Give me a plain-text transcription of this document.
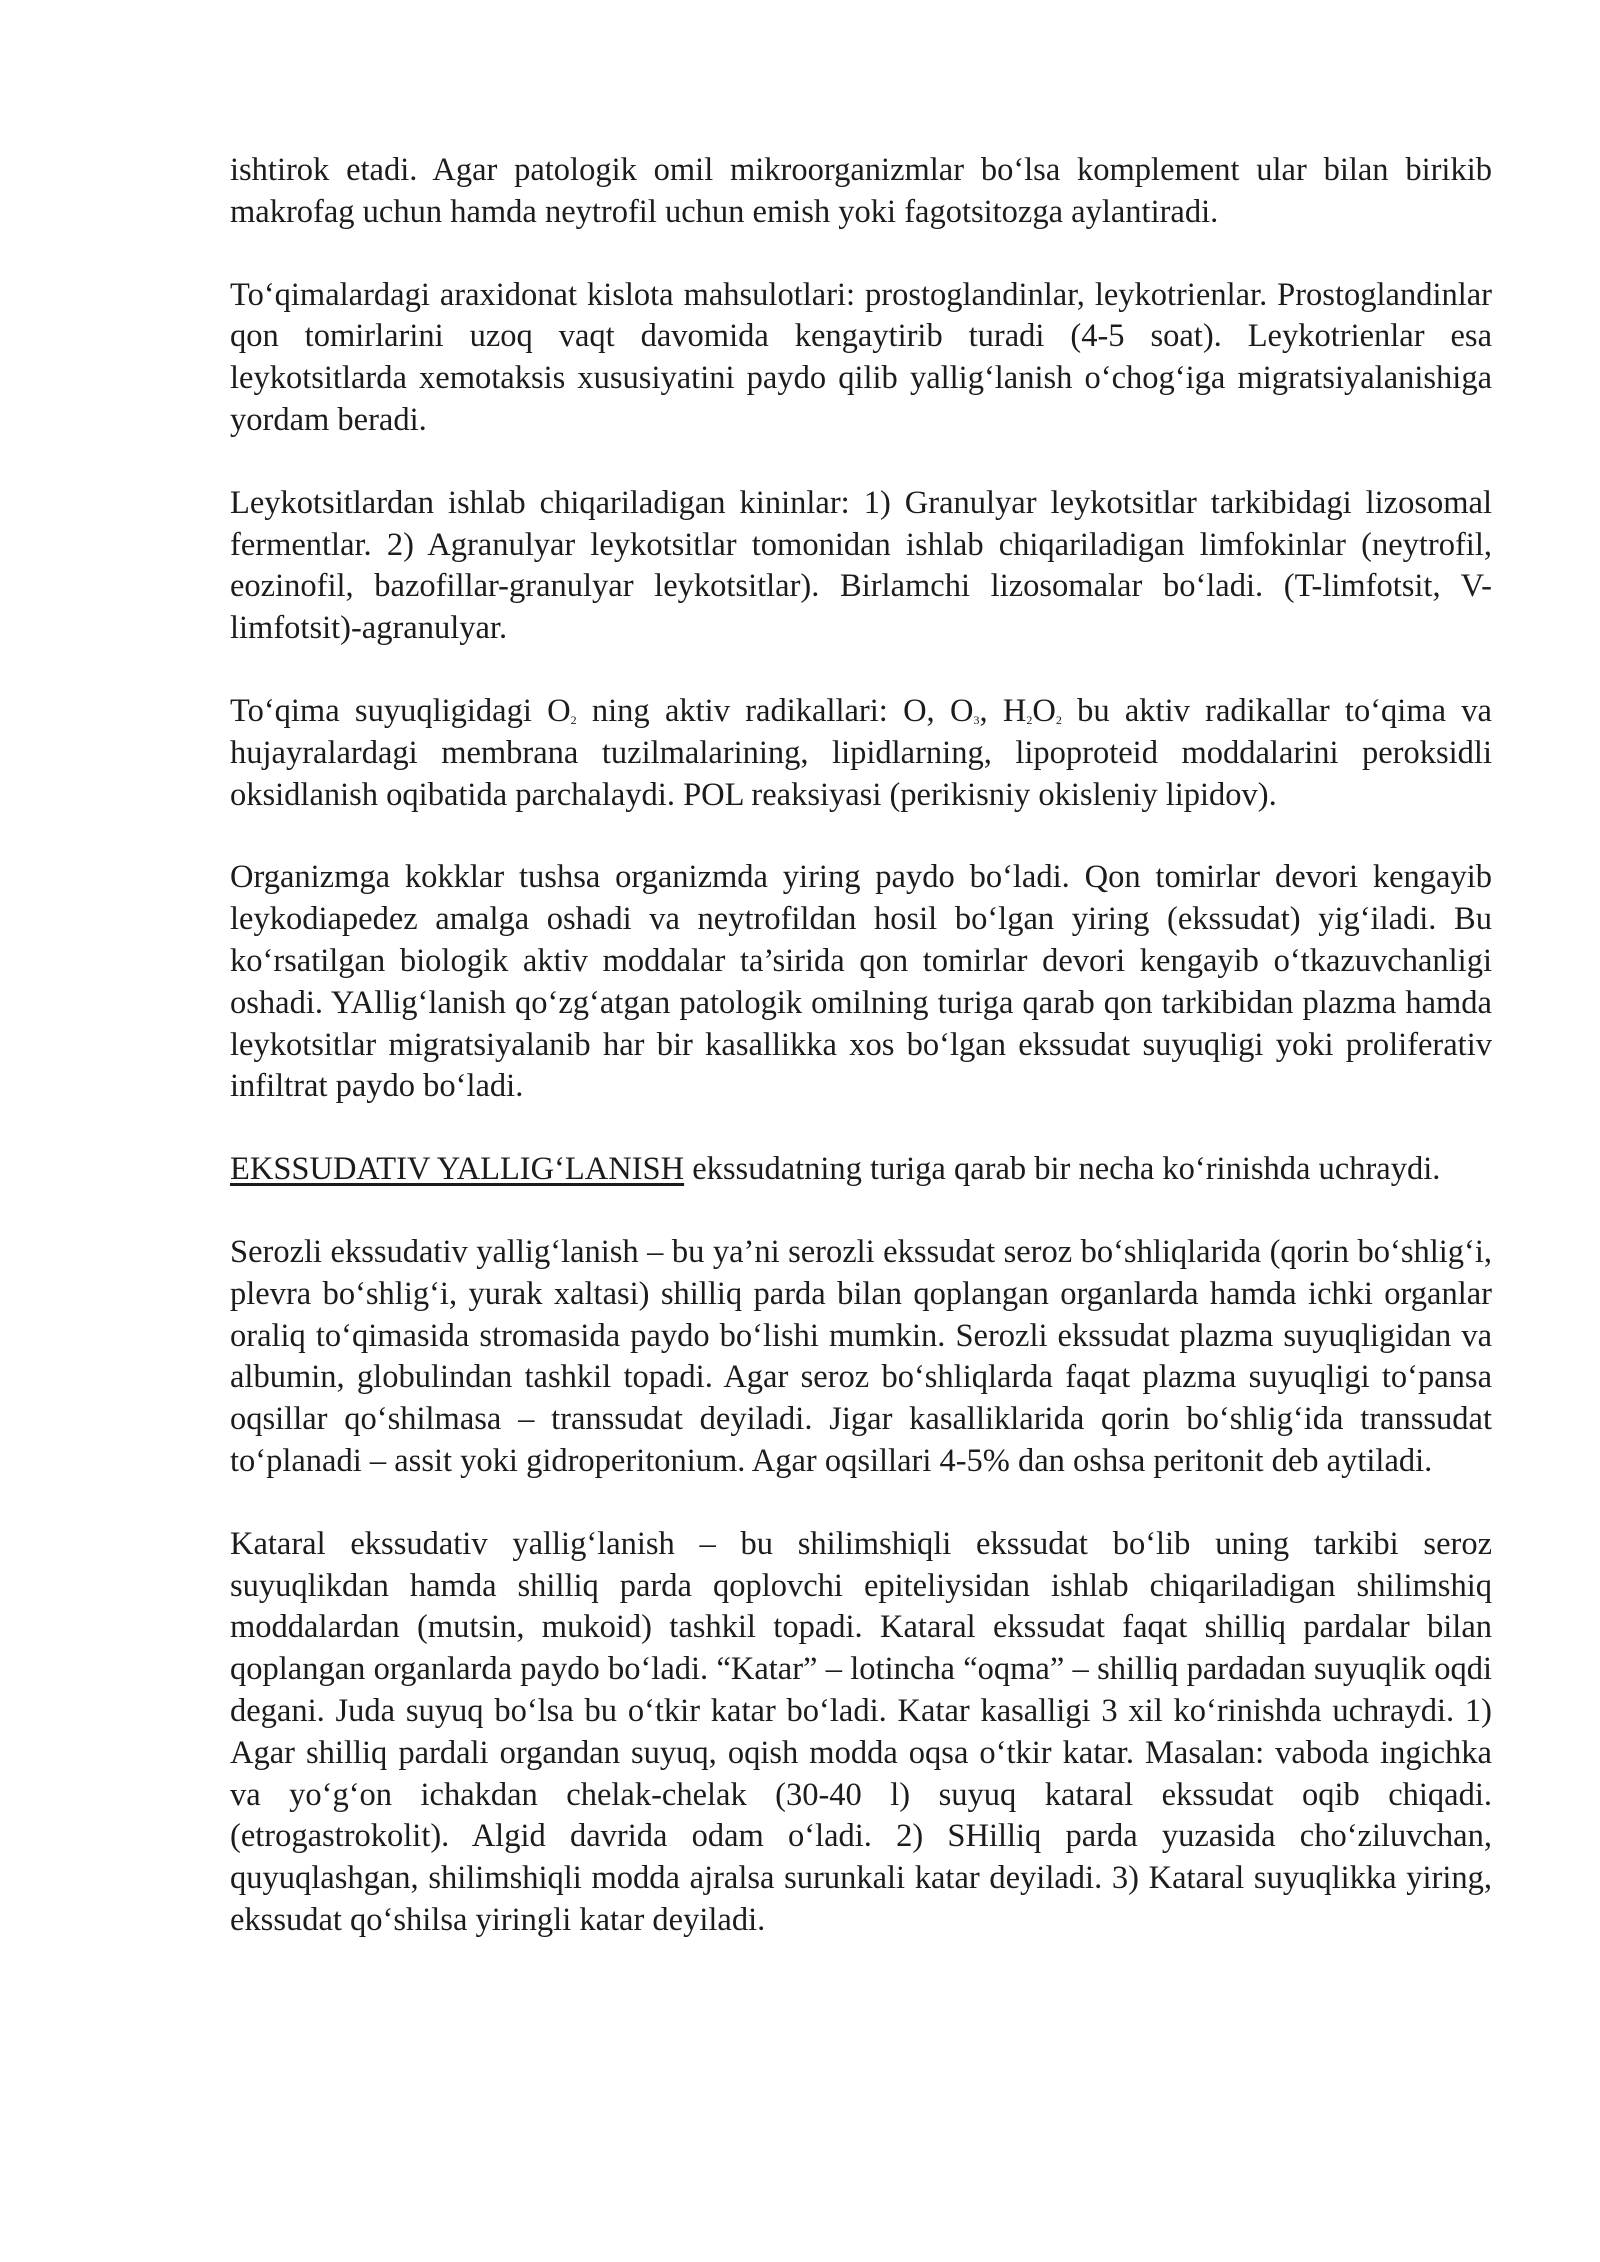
ishtirok etadi. Agar patologik omil mikroorganizmlar bo‘lsa komplement ular bilan birikib makrofag uchun hamda neytrofil uchun emish yoki fagotsitozga aylantiradi.

To‘qimalardagi araxidonat kislota mahsulotlari: prostoglandinlar, leykotrienlar. Prostoglandinlar qon tomirlarini uzoq vaqt davomida kengaytirib turadi (4-5 soat). Leykotrienlar esa leykotsitlarda xemotaksis xususiyatini paydo qilib yallig‘lanish o‘chog‘iga migratsiyalanishiga yordam beradi.

Leykotsitlardan ishlab chiqariladigan kininlar: 1) Granulyar leykotsitlar tarkibidagi lizosomal fermentlar. 2) Agranulyar leykotsitlar tomonidan ishlab chiqariladigan limfokinlar (neytrofil, eozinofil, bazofillar-granulyar leykotsitlar). Birlamchi lizosomalar bo‘ladi. (T-limfotsit, V-limfotsit)-agranulyar.

To‘qima suyuqligidagi $O_2$ ning aktiv radikallari: O, $O_3$, $H_2O_2$ bu aktiv radikallar to‘qima va hujayralardagi membrana tuzilmalarining, lipidlarning, lipoproteid moddalarini peroksidli oksidlanish oqibatida parchalaydi. POL reaksiyasi (perikisniy okisleniy lipidov).

Organizmga kokklar tushsa organizmda yiring paydo bo‘ladi. Qon tomirlar devori kengayib leykodiapedez amalga oshadi va neytrofildan hosil bo‘lgan yiring (ekssudat) yig‘iladi. Bu ko‘rsatilgan biologik aktiv moddalar ta’sirida qon tomirlar devori kengayib o‘tkazuvchanligi oshadi. YAllig‘lanish qo‘zg‘atgan patologik omilning turiga qarab qon tarkibidan plazma hamda leykotsitlar migratsiyalanib har bir kasallikka xos bo‘lgan ekssudat suyuqligi yoki proliferativ infiltrat paydo bo‘ladi.

EKSSUDATIV YALLIG‘LANISH ekssudatning turiga qarab bir necha ko‘rinishda uchraydi.

Serozli ekssudativ yallig‘lanish – bu ya’ni serozli ekssudat seroz bo‘shliqlarida (qorin bo‘shlig‘i, plevra bo‘shlig‘i, yurak xaltasi) shilliq parda bilan qoplangan organlarda hamda ichki organlar oraliq to‘qimasida stromasida paydo bo‘lishi mumkin. Serozli ekssudat plazma suyuqligidan va albumin, globulindan tashkil topadi. Agar seroz bo‘shliqlarda faqat plazma suyuqligi to‘pansa oqsillar qo‘shilmasa – transsudat deyiladi. Jigar kasalliklarida qorin bo‘shlig‘ida transsudat to‘planadi – assit yoki gidroperitonium. Agar oqsillari 4-5% dan oshsa peritonit deb aytiladi.

Kataral ekssudativ yallig‘lanish – bu shilimshiqli ekssudat bo‘lib uning tarkibi seroz suyuqlikdan hamda shilliq parda qoplovchi epiteliysidan ishlab chiqariladigan shilimshiq moddalardan (mutsin, mukoid) tashkil topadi. Kataral ekssudat faqat shilliq pardalar bilan qoplangan organlarda paydo bo‘ladi. “Katar” – lotincha “oqma” – shilliq pardadan suyuqlik oqdi degani. Juda suyuq bo‘lsa bu o‘tkir katar bo‘ladi. Katar kasalligi 3 xil ko‘rinishda uchraydi. 1) Agar shilliq pardali organdan suyuq, oqish modda oqsa o‘tkir katar. Masalan: vaboda ingichka va yo‘g‘on ichakdan chelak-chelak (30-40 l) suyuq kataral ekssudat oqib chiqadi. (etrogastrokolit). Algid davrida odam o‘ladi. 2) SHilliq parda yuzasida cho‘ziluvchan, quyuqlashgan, shilimshiqli modda ajralsa surunkali katar deyiladi. 3) Kataral suyuqlikka yiring, ekssudat qo‘shilsa yiringli katar deyiladi.
